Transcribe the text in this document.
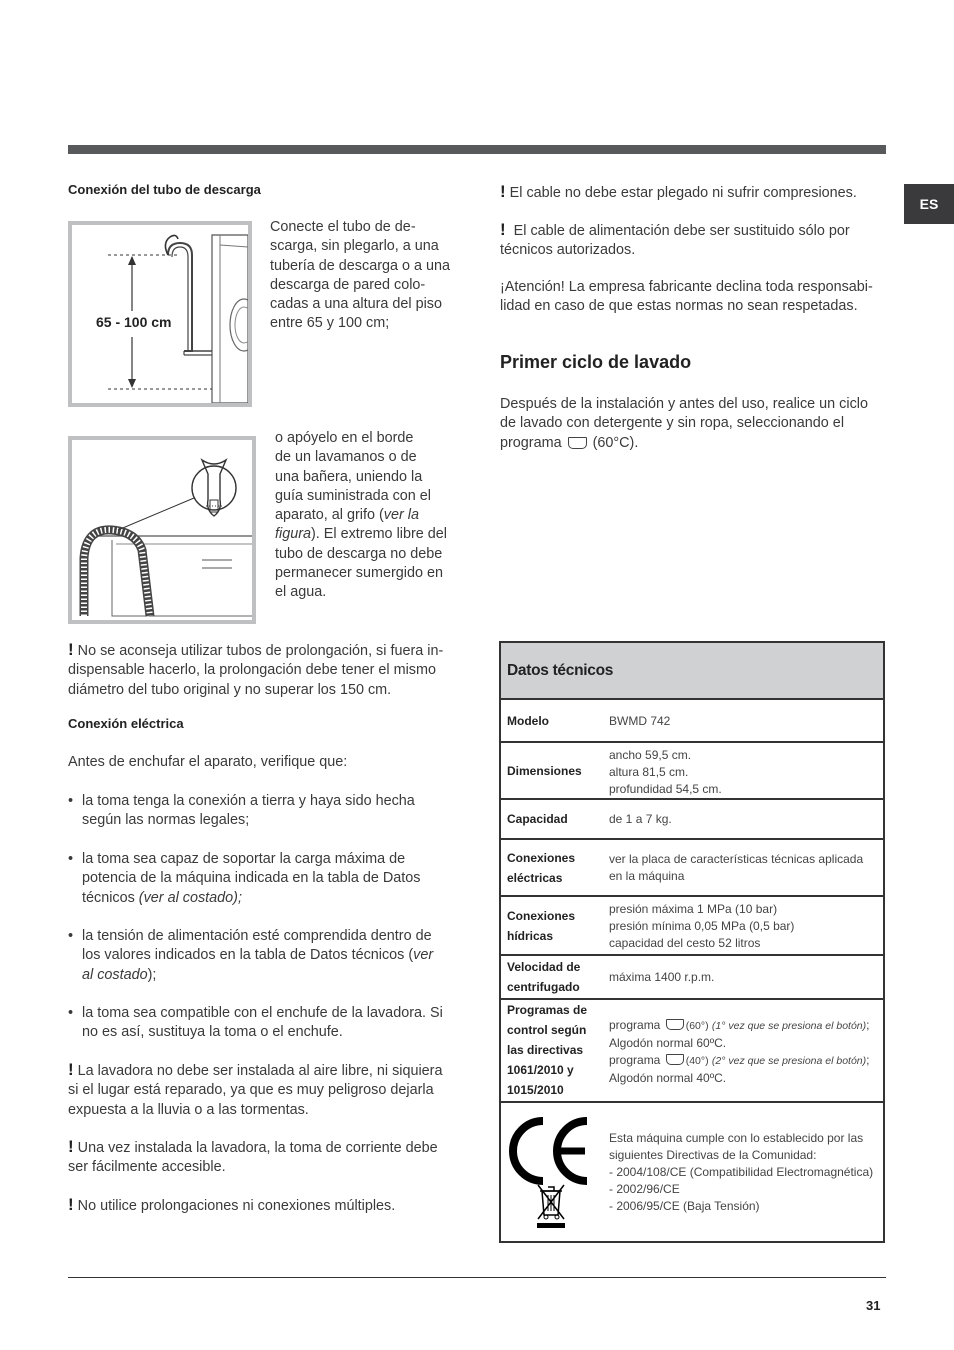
ES
Conexión del tubo de descarga
65 - 100 cm
Conecte el tubo de de-
scarga, sin plegarlo, a una
tubería de descarga o a una
descarga de pared colo-
cadas a una altura del piso
entre 65 y 100 cm;
o apóyelo en el borde
de un lavamanos o de
una bañera, uniendo la
guía suministrada con el
aparato, al grifo (ver la
figura). El extremo libre del
tubo de descarga no debe
permanecer sumergido en
el agua.
! No se aconseja utilizar tubos de prolongación, si fuera in-
dispensable hacerlo, la prolongación debe tener el mismo
diámetro del tubo original y no superar los 150 cm.
Conexión eléctrica
Antes de enchufar el aparato, verifique que:
• la toma tenga la conexión a tierra y haya sido hecha
según las normas legales;
• la toma sea capaz de soportar la carga máxima de
potencia de la máquina indicada en la tabla de Datos
técnicos (ver al costado);
• la tensión de alimentación esté comprendida dentro de
los valores indicados en la tabla de Datos técnicos (ver
al costado);
• la toma sea compatible con el enchufe de la lavadora. Si
no es así, sustituya la toma o el enchufe.
! La lavadora no debe ser instalada al aire libre, ni siquiera
si el lugar está reparado, ya que es muy peligroso dejarla
expuesta a la lluvia o a las tormentas.
! Una vez instalada la lavadora, la toma de corriente debe
ser fácilmente accesible.
! No utilice prolongaciones ni conexiones múltiples.
! El cable no debe estar plegado ni sufrir compresiones.
! El cable de alimentación debe ser sustituido sólo por
técnicos autorizados.
¡Atención! La empresa fabricante declina toda responsabi-
lidad en caso de que estas normas no sean respetadas.
Primer ciclo de lavado
Después de la instalación y antes del uso, realice un ciclo
de lavado con detergente y sin ropa, seleccionando el
programa  (60°C).
Datos técnicos
Modelo	BWMD 742
Dimensiones
ancho 59,5 cm.
altura 81,5 cm.
profundidad 54,5 cm.
Capacidad	de 1 a 7 kg.
Conexiones
eléctricas
ver la placa de características técnicas aplicada
en la máquina
Conexiones
hídricas
presión máxima 1 MPa (10 bar)
presión mínima 0,05 MPa (0,5 bar)
capacidad del cesto 52 litros
Velocidad de
centrifugado
máxima 1400 r.p.m.
Programas de
control según
las directivas
1061/2010 y
1015/2010
programa (60°) (1° vez que se presiona el botón);
Algodón normal 60ºC.
programa (40°) (2° vez que se presiona el botón);
Algodón normal 40ºC.
Esta máquina cumple con lo establecido por las
siguientes Directivas de la Comunidad:
- 2004/108/CE (Compatibilidad Electromagnética)
- 2002/96/CE
- 2006/95/CE (Baja Tensión)
31
